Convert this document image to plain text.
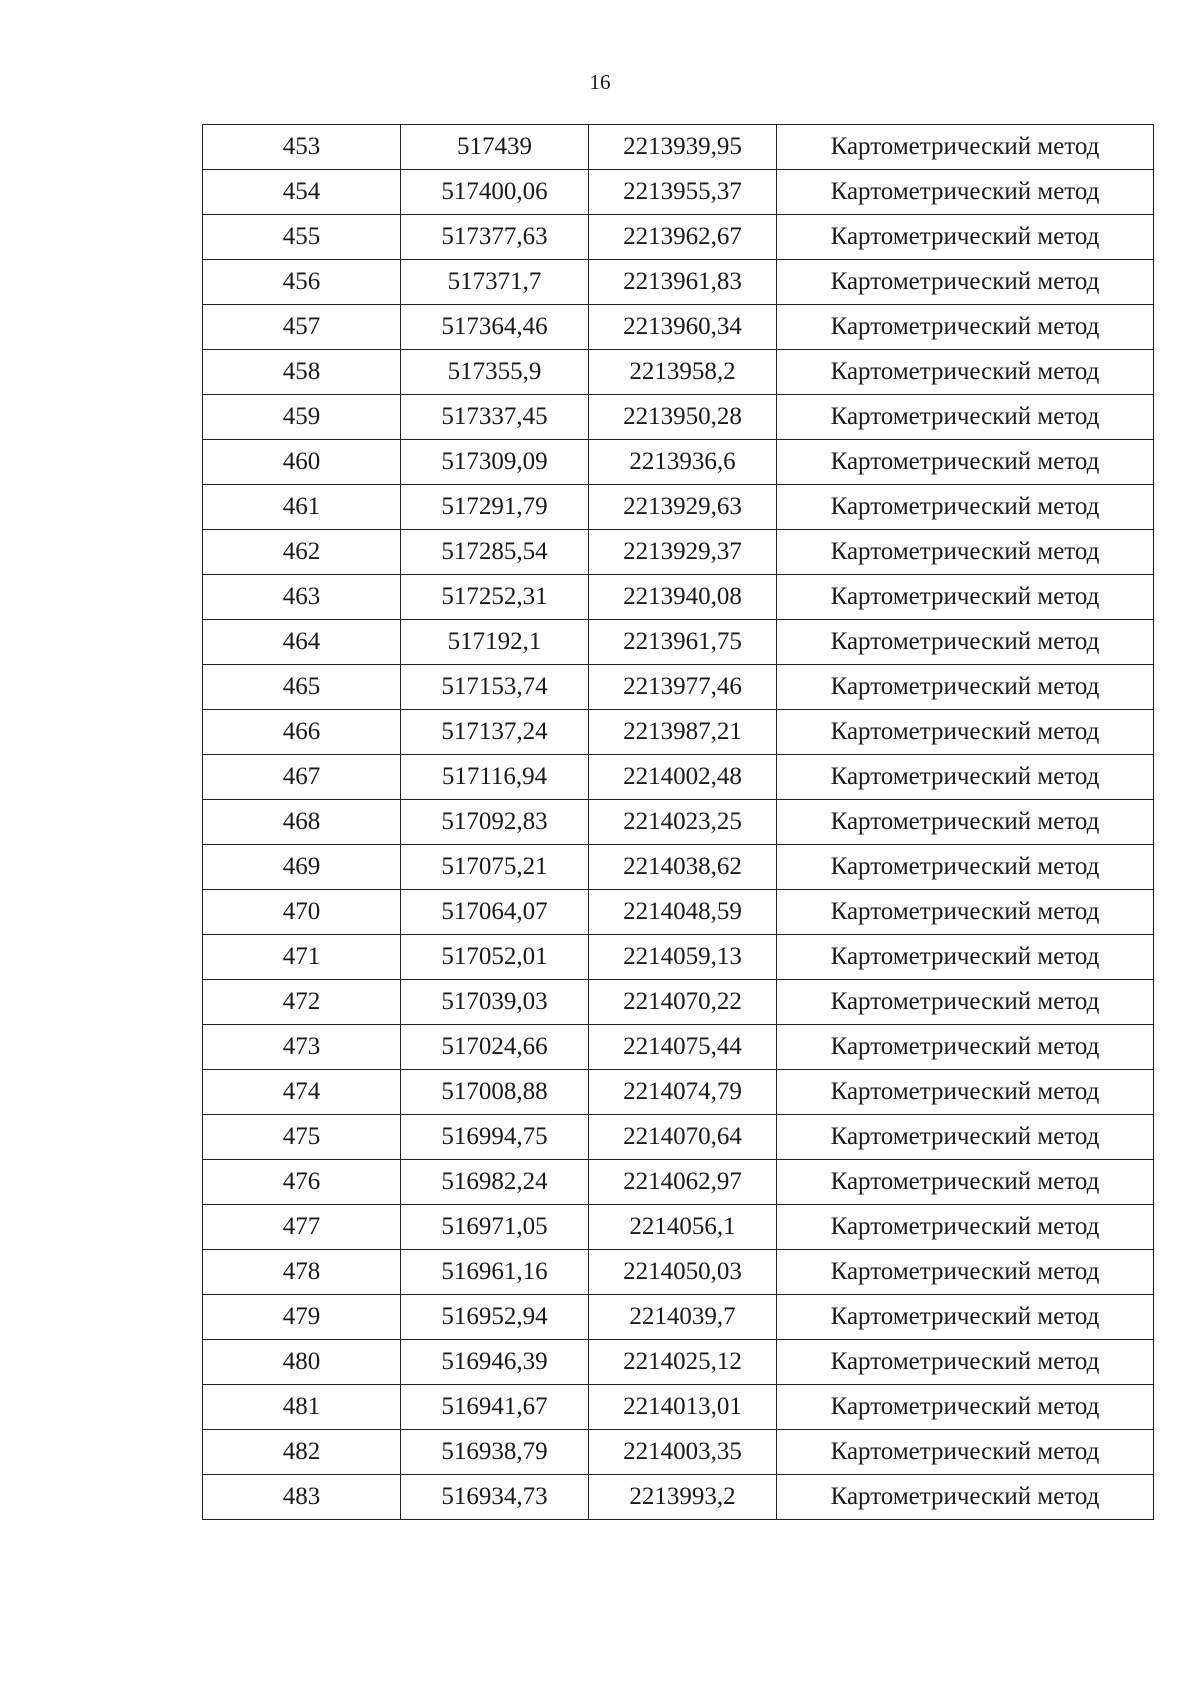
16
453	517439	2213939,95	Картометрический метод
454	517400,06	2213955,37	Картометрический метод
455	517377,63	2213962,67	Картометрический метод
456	517371,7	2213961,83	Картометрический метод
457	517364,46	2213960,34	Картометрический метод
458	517355,9	2213958,2	Картометрический метод
459	517337,45	2213950,28	Картометрический метод
460	517309,09	2213936,6	Картометрический метод
461	517291,79	2213929,63	Картометрический метод
462	517285,54	2213929,37	Картометрический метод
463	517252,31	2213940,08	Картометрический метод
464	517192,1	2213961,75	Картометрический метод
465	517153,74	2213977,46	Картометрический метод
466	517137,24	2213987,21	Картометрический метод
467	517116,94	2214002,48	Картометрический метод
468	517092,83	2214023,25	Картометрический метод
469	517075,21	2214038,62	Картометрический метод
470	517064,07	2214048,59	Картометрический метод
471	517052,01	2214059,13	Картометрический метод
472	517039,03	2214070,22	Картометрический метод
473	517024,66	2214075,44	Картометрический метод
474	517008,88	2214074,79	Картометрический метод
475	516994,75	2214070,64	Картометрический метод
476	516982,24	2214062,97	Картометрический метод
477	516971,05	2214056,1	Картометрический метод
478	516961,16	2214050,03	Картометрический метод
479	516952,94	2214039,7	Картометрический метод
480	516946,39	2214025,12	Картометрический метод
481	516941,67	2214013,01	Картометрический метод
482	516938,79	2214003,35	Картометрический метод
483	516934,73	2213993,2	Картометрический метод
